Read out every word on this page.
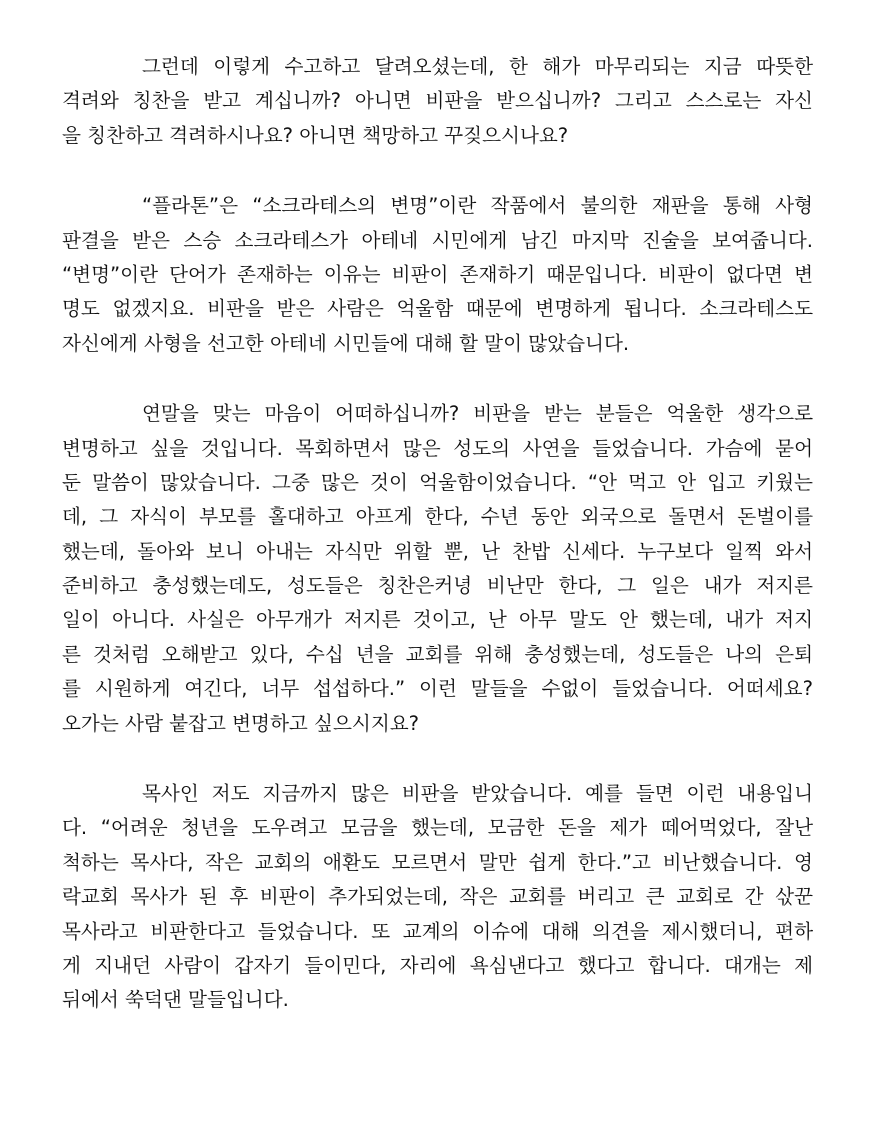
그런데 이렇게 수고하고 달려오셨는데, 한 해가 마무리되는 지금 따뜻한
격려와 칭찬을 받고 계십니까? 아니면 비판을 받으십니까? 그리고 스스로는 자신
을 칭찬하고 격려하시나요? 아니면 책망하고 꾸짖으시나요?
“플라톤”은 “소크라테스의 변명”이란 작품에서 불의한 재판을 통해 사형
판결을 받은 스승 소크라테스가 아테네 시민에게 남긴 마지막 진술을 보여줍니다.
“변명”이란 단어가 존재하는 이유는 비판이 존재하기 때문입니다. 비판이 없다면 변
명도 없겠지요. 비판을 받은 사람은 억울함 때문에 변명하게 됩니다. 소크라테스도
자신에게 사형을 선고한 아테네 시민들에 대해 할 말이 많았습니다.
연말을 맞는 마음이 어떠하십니까? 비판을 받는 분들은 억울한 생각으로
변명하고 싶을 것입니다. 목회하면서 많은 성도의 사연을 들었습니다. 가슴에 묻어
둔 말씀이 많았습니다. 그중 많은 것이 억울함이었습니다. “안 먹고 안 입고 키웠는
데, 그 자식이 부모를 홀대하고 아프게 한다, 수년 동안 외국으로 돌면서 돈벌이를
했는데, 돌아와 보니 아내는 자식만 위할 뿐, 난 찬밥 신세다. 누구보다 일찍 와서
준비하고 충성했는데도, 성도들은 칭찬은커녕 비난만 한다, 그 일은 내가 저지른
일이 아니다. 사실은 아무개가 저지른 것이고, 난 아무 말도 안 했는데, 내가 저지
른 것처럼 오해받고 있다, 수십 년을 교회를 위해 충성했는데, 성도들은 나의 은퇴
를 시원하게 여긴다, 너무 섭섭하다.” 이런 말들을 수없이 들었습니다. 어떠세요?
오가는 사람 붙잡고 변명하고 싶으시지요?
목사인 저도 지금까지 많은 비판을 받았습니다. 예를 들면 이런 내용입니
다. “어려운 청년을 도우려고 모금을 했는데, 모금한 돈을 제가 떼어먹었다, 잘난
척하는 목사다, 작은 교회의 애환도 모르면서 말만 쉽게 한다.”고 비난했습니다. 영
락교회 목사가 된 후 비판이 추가되었는데, 작은 교회를 버리고 큰 교회로 간 삯꾼
목사라고 비판한다고 들었습니다. 또 교계의 이슈에 대해 의견을 제시했더니, 편하
게 지내던 사람이 갑자기 들이민다, 자리에 욕심낸다고 했다고 합니다. 대개는 제
뒤에서 쑥덕댄 말들입니다.
